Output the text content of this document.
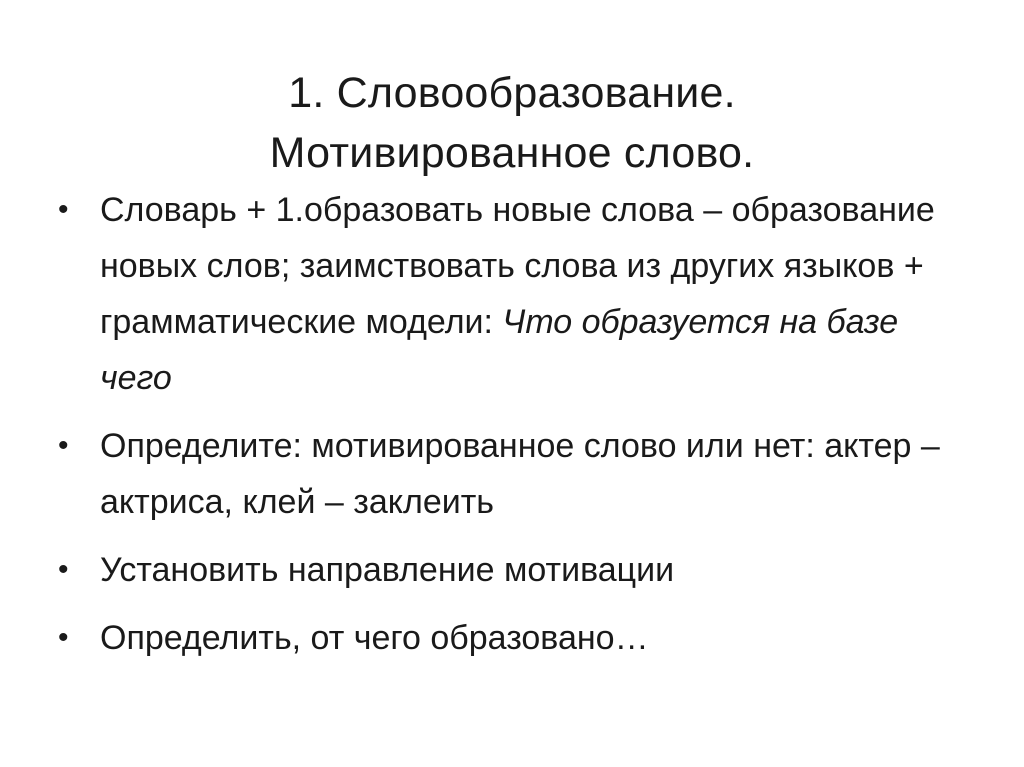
1. Словообразование.
Мотивированное слово.
• Словарь + 1.образовать новые слова – образование новых слов; заимствовать слова из других языков + грамматические модели: Что образуется на базе чего
• Определите: мотивированное слово или нет: актер – актриса, клей – заклеить
• Установить направление мотивации
• Определить, от чего образовано…
